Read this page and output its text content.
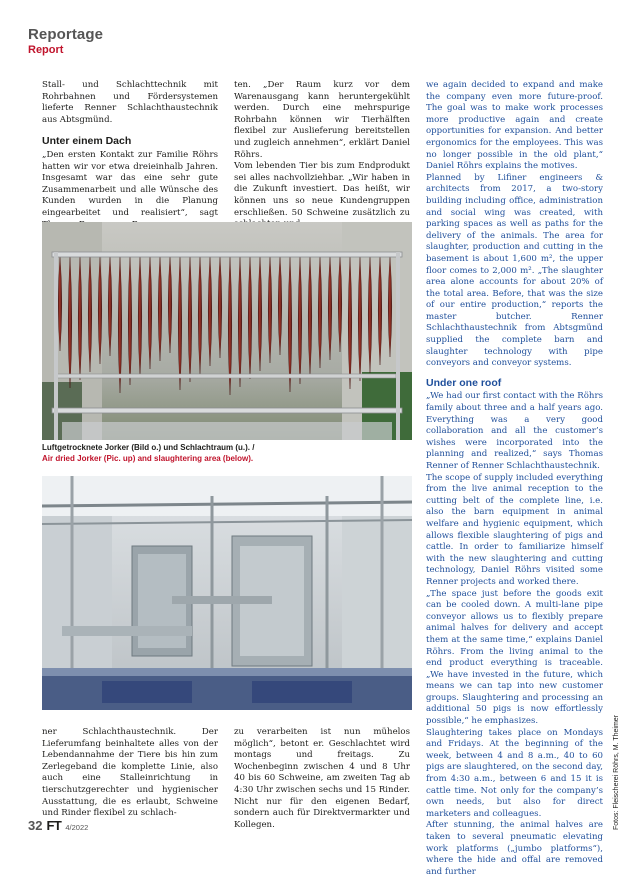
Reportage
Report

Stall- und Schlachttechnik mit Rohrbahnen und Fördersystemen lieferte Renner Schlachthaustechnik aus Abtsgmünd.

Unter einem Dach

„Den ersten Kontakt zur Familie Röhrs hatten wir vor etwa dreieinhalb Jahren. Insgesamt war das eine sehr gute Zusammenarbeit und alle Wünsche des Kunden wurden in die Planung eingearbeitet und realisiert“, sagt

ten. „Der Raum kurz vor dem Warenausgang kann heruntergekühlt werden. Durch eine mehrspurige Rohrbahn können wir Tierhälften flexibel zur Auslieferung bereitstellen und zugleich annehmen“, erklärt Daniel Röhrs.

Vom lebenden Tier bis zum Endprodukt sei alles nachvollziehbar. „Wir haben in die Zukunft investiert. Das heißt, wir können uns so neue Kundengruppen erschließen. 50 Schweine zusätzlich zu

Luftgetrocknete Jorker (Bild o.) und Schlachtraum (u.). /
Air dried Jorker (Pic. up) and slaughtering area (below).

ner Schlachthaustechnik. Der Lieferumfang beinhaltete alles von der Lebendannahme der Tiere bis hin zum Zerlegeband die komplette Linie, also auch eine Stalleinrichtung in tierschutzgerechter und hygienischer Ausstattung, die es erlaubt, Schweine und Rinder flexibel zu schlach-

zu verarbeiten ist nun mühelos möglich“, betont er. Geschlachtet wird montags und freitags. Zu Wochenbeginn zwischen 4 und 8 Uhr 40 bis 60 Schweine, am zweiten Tag ab 4:30 Uhr zwischen sechs und 15 Rinder. Nicht nur für den eigenen Bedarf, sondern auch für Direktvermarkter und Kollegen.

we again decided to expand and make the company even more future-proof. The goal was to make work processes more productive again and create opportunities for expansion. And better ergonomics for the employees. This was no longer possible in the old plant,“ Daniel Röhrs explains the motives.

Planned by Lifiner engineers & architects from 2017, a two-story building including office, administration and social wing was created, with parking spaces as well as paths for the delivery of the animals. The area for slaughter, production and cutting in the basement is about 1,600 m², the upper floor comes to 2,000 m². „The slaughter area alone accounts for about 20% of the total area. Before, that was the size of our entire production,“ reports the master butcher. Renner Schlachthaustechnik from Abtsgmünd supplied the complete barn and slaughter technology with pipe conveyors and conveyor systems.

Under one roof

„We had our first contact with the Röhrs family about three and a half years ago. Everything was a very good collaboration and all the customer’s wishes were incorporated into the planning and realized,“ says Thomas Renner of Renner Schlachthaustechnik.

The scope of supply included everything from the live animal reception to the cutting belt of the complete line, i.e. also the barn equipment in animal welfare and hygienic equipment, which allows flexible slaughtering of pigs and cattle. In order to familiarize himself with the new slaughtering and cutting technology, Daniel Röhrs visited some Renner projects and worked there.

„The space just before the goods exit can be cooled down. A multi-lane pipe conveyor allows us to flexibly prepare animal halves for delivery and accept them at the same time,“ explains Daniel Röhrs. From the living animal to the end product everything is traceable. „We have invested in the future, which means we can tap into new customer groups. Slaughtering and processing an additional 50 pigs is now effortlessly possible,“ he emphasizes.

Slaughtering takes place on Mondays and Fridays. At the beginning of the week, between 4 and 8 a.m., 40 to 60 pigs are slaughtered, on the second day, from 4:30 a.m., between 6 and 15 it is cattle time. Not only for the company’s own needs, but also for direct marketers and colleagues.

After stunning, the animal halves are taken to several pneumatic elevating work platforms („jumbo platforms“), where the hide and offal are removed and further

Fotos: Fleischerei Röhrs, M. Theimer
32 FT 4/2022
